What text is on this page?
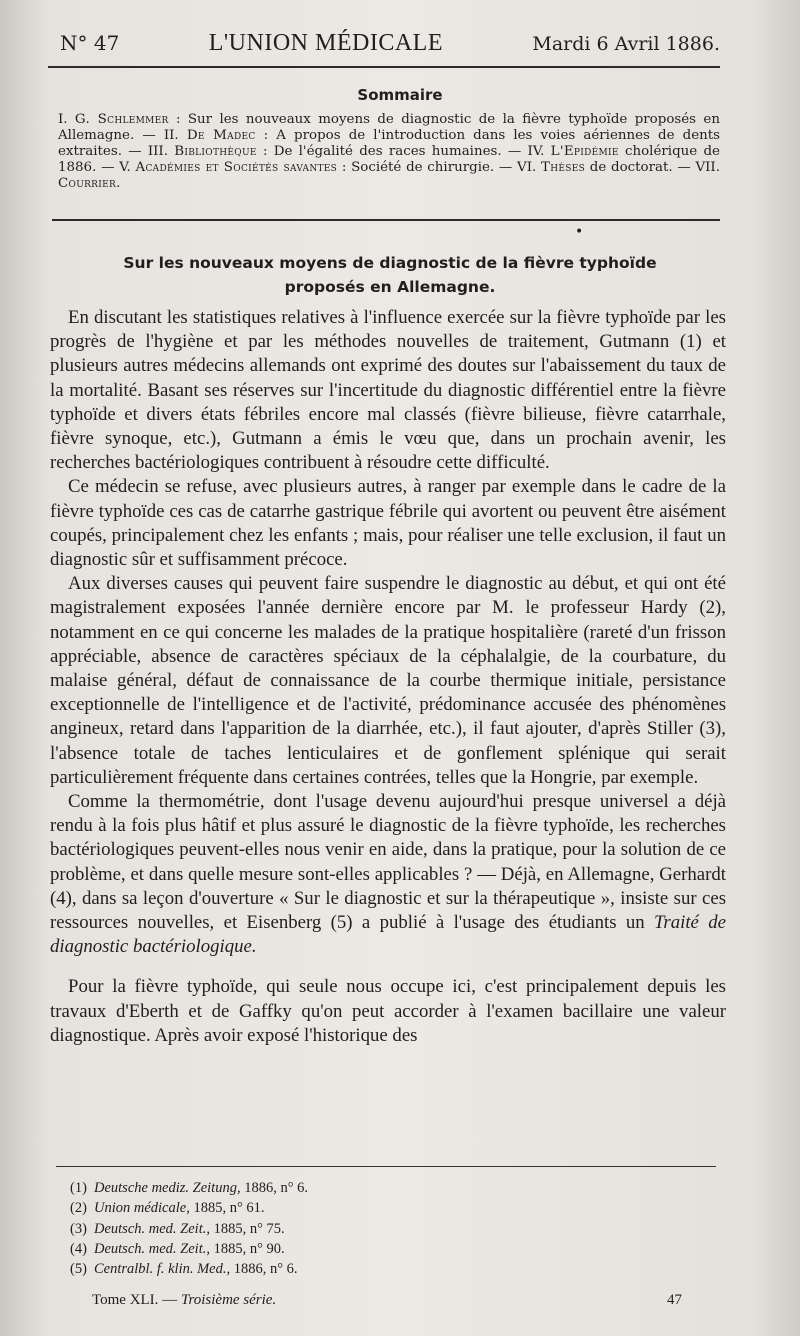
N° 47	L'UNION MÉDICALE	Mardi 6 Avril 1886.
Sommaire
I. G. Schlemmer : Sur les nouveaux moyens de diagnostic de la fièvre typhoïde proposés en Allemagne. — II. De Madec : A propos de l'introduction dans les voies aériennes de dents extraites. — III. Bibliothèque : De l'égalité des races humaines. — IV. L'Epidémie cholérique de 1886. — V. Académies et Sociétés savantes : Société de chirurgie. — VI. Thèses de doctorat. — VII. Courrier.
•
Sur les nouveaux moyens de diagnostic de la fièvre typhoïde
proposés en Allemagne.

En discutant les statistiques relatives à l'influence exercée sur la fièvre typhoïde par les progrès de l'hygiène et par les méthodes nouvelles de traitement, Gutmann (1) et plusieurs autres médecins allemands ont exprimé des doutes sur l'abaissement du taux de la mortalité. Basant ses réserves sur l'incertitude du diagnostic différentiel entre la fièvre typhoïde et divers états fébriles encore mal classés (fièvre bilieuse, fièvre catarrhale, fièvre synoque, etc.), Gutmann a émis le vœu que, dans un prochain avenir, les recherches bactériologiques contribuent à résoudre cette difficulté.

Ce médecin se refuse, avec plusieurs autres, à ranger par exemple dans le cadre de la fièvre typhoïde ces cas de catarrhe gastrique fébrile qui avortent ou peuvent être aisément coupés, principalement chez les enfants ; mais, pour réaliser une telle exclusion, il faut un diagnostic sûr et suffisamment précoce.

Aux diverses causes qui peuvent faire suspendre le diagnostic au début, et qui ont été magistralement exposées l'année dernière encore par M. le professeur Hardy (2), notamment en ce qui concerne les malades de la pratique hospitalière (rareté d'un frisson appréciable, absence de caractères spéciaux de la céphalalgie, de la courbature, du malaise général, défaut de connaissance de la courbe thermique initiale, persistance exceptionnelle de l'intelligence et de l'activité, prédominance accusée des phénomènes angineux, retard dans l'apparition de la diarrhée, etc.), il faut ajouter, d'après Stiller (3), l'absence totale de taches lenticulaires et de gonflement splénique qui serait particulièrement fréquente dans certaines contrées, telles que la Hongrie, par exemple.

Comme la thermométrie, dont l'usage devenu aujourd'hui presque universel a déjà rendu à la fois plus hâtif et plus assuré le diagnostic de la fièvre typhoïde, les recherches bactériologiques peuvent-elles nous venir en aide, dans la pratique, pour la solution de ce problème, et dans quelle mesure sont-elles applicables ? — Déjà, en Allemagne, Gerhardt (4), dans sa leçon d'ouverture « Sur le diagnostic et sur la thérapeutique », insiste sur ces ressources nouvelles, et Eisenberg (5) a publié à l'usage des étudiants un Traité de diagnostic bactériologique.

Pour la fièvre typhoïde, qui seule nous occupe ici, c'est principalement depuis les travaux d'Eberth et de Gaffky qu'on peut accorder à l'examen bacillaire une valeur diagnostique. Après avoir exposé l'historique des

(1) Deutsche mediz. Zeitung, 1886, n° 6.
(2) Union médicale, 1885, n° 61.
(3) Deutsch. med. Zeit., 1885, n° 75.
(4) Deutsch. med. Zeit., 1885, n° 90.
(5) Centralbl. f. klin. Med., 1886, n° 6.
Tome XLI. — Troisième série.	47
